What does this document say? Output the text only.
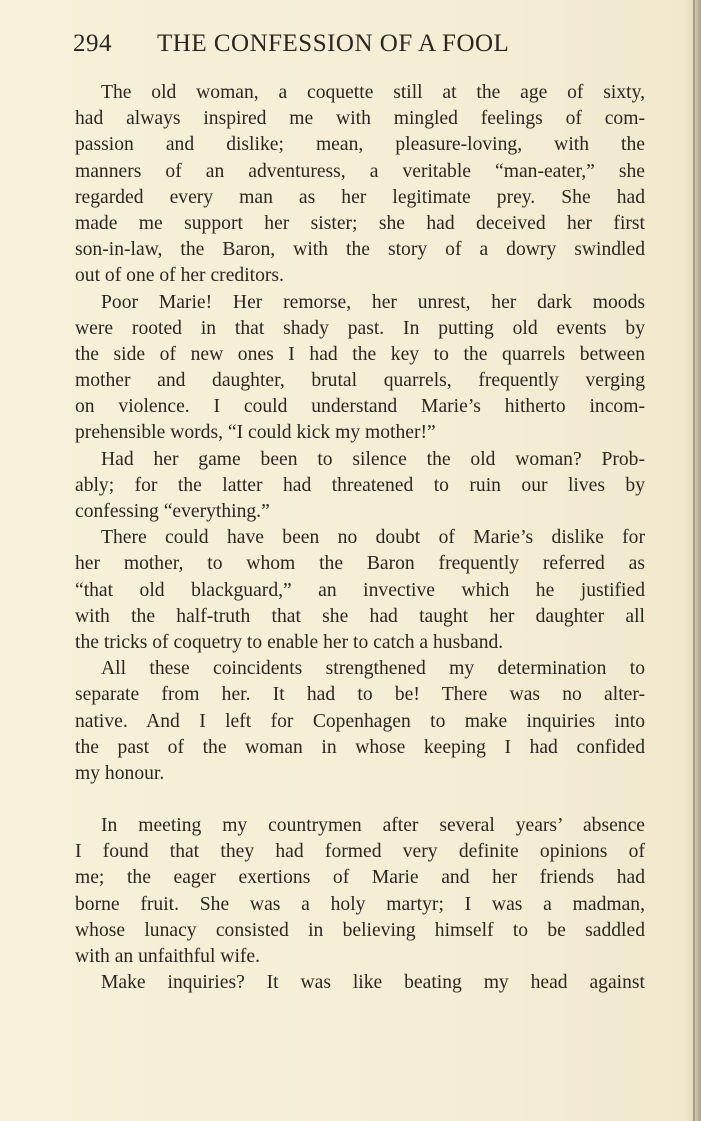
294 THE CONFESSION OF A FOOL
The old woman, a coquette still at the age of sixty,
had always inspired me with mingled feelings of com-
passion and dislike; mean, pleasure-loving, with the
manners of an adventuress, a veritable “man-eater,” she
regarded every man as her legitimate prey. She had
made me support her sister; she had deceived her first
son-in-law, the Baron, with the story of a dowry swindled
out of one of her creditors.
Poor Marie! Her remorse, her unrest, her dark moods
were rooted in that shady past. In putting old events by
the side of new ones I had the key to the quarrels between
mother and daughter, brutal quarrels, frequently verging
on violence. I could understand Marie’s hitherto incom-
prehensible words, “I could kick my mother!”
Had her game been to silence the old woman? Prob-
ably; for the latter had threatened to ruin our lives by
confessing “everything.”
There could have been no doubt of Marie’s dislike for
her mother, to whom the Baron frequently referred as
“that old blackguard,” an invective which he justified
with the half-truth that she had taught her daughter all
the tricks of coquetry to enable her to catch a husband.
All these coincidents strengthened my determination to
separate from her. It had to be! There was no alter-
native. And I left for Copenhagen to make inquiries into
the past of the woman in whose keeping I had confided
my honour.
In meeting my countrymen after several years’ absence
I found that they had formed very definite opinions of
me; the eager exertions of Marie and her friends had
borne fruit. She was a holy martyr; I was a madman,
whose lunacy consisted in believing himself to be saddled
with an unfaithful wife.
Make inquiries? It was like beating my head against
